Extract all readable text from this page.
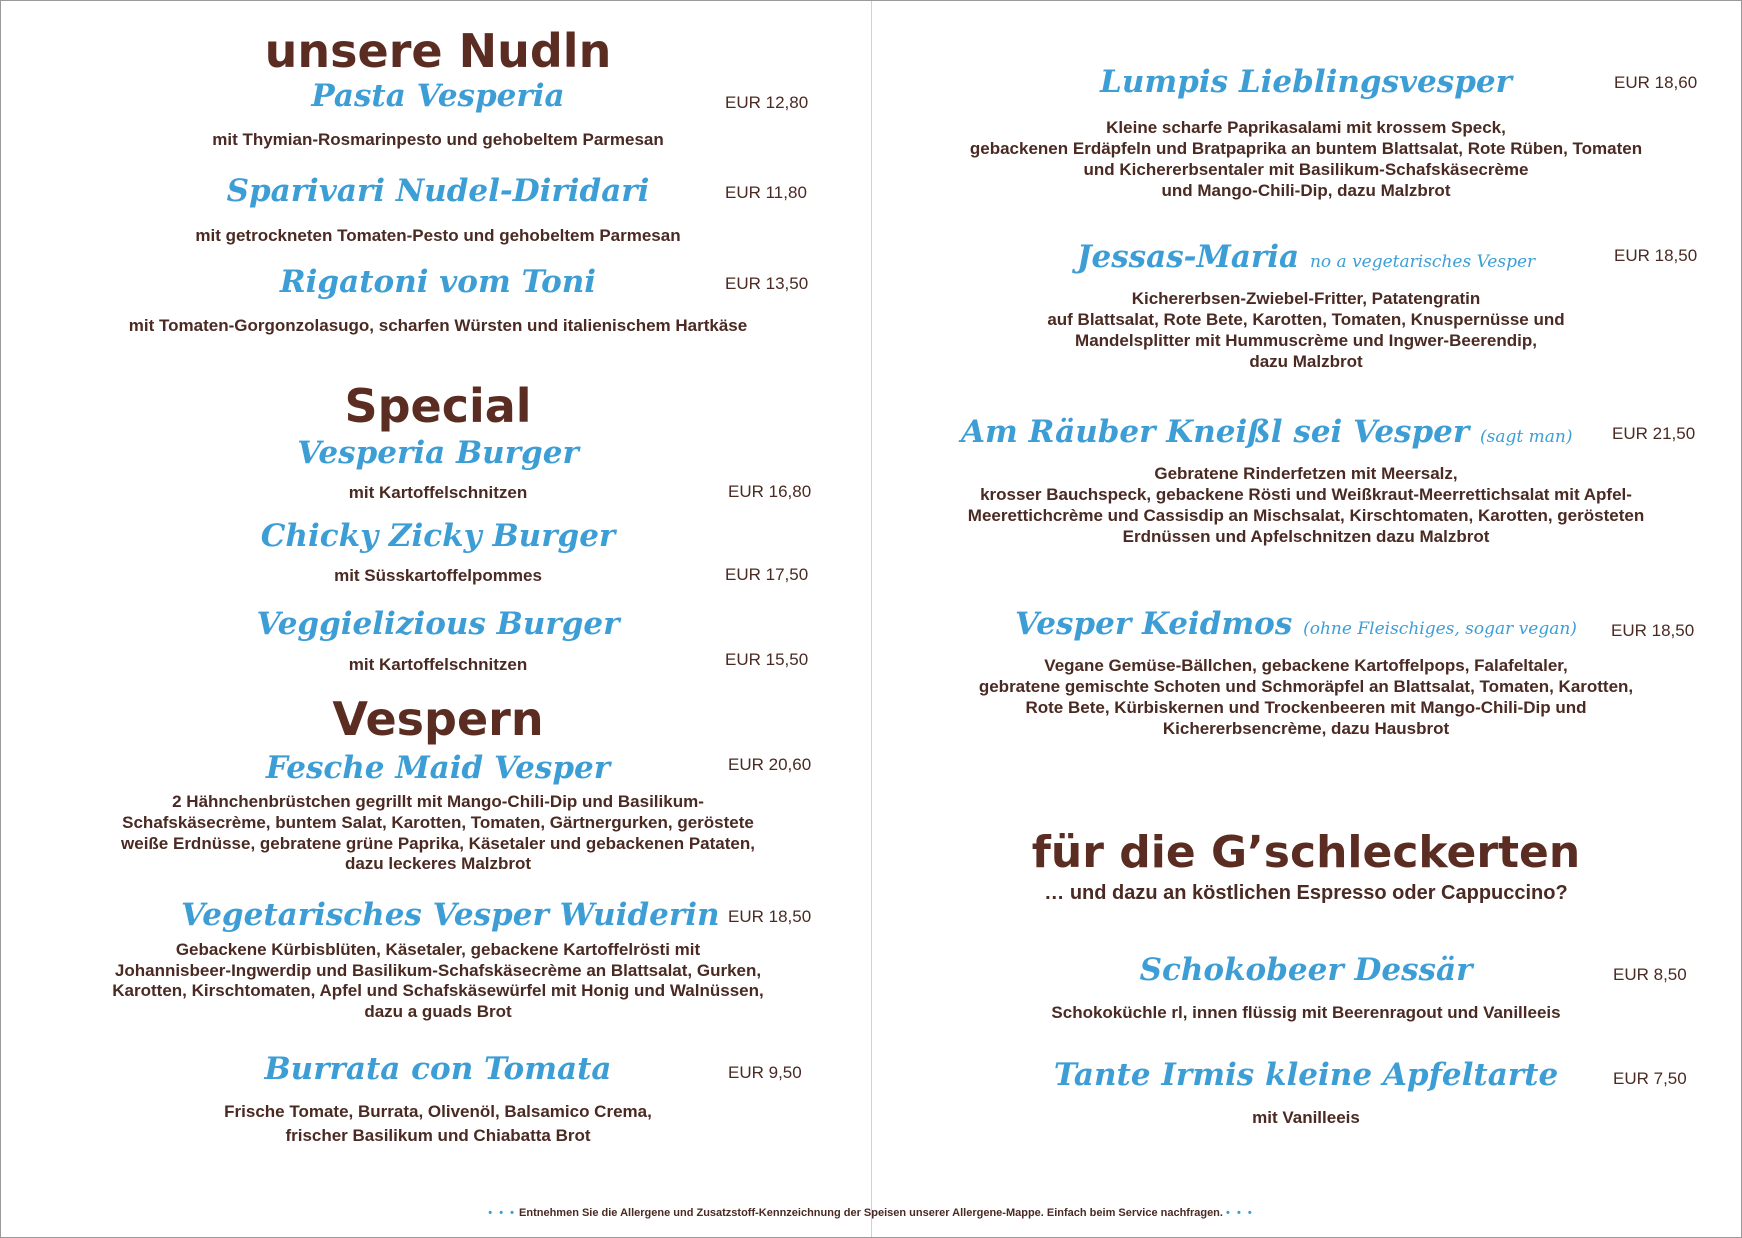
unsere Nudln
Pasta Vesperia	EUR 12,80
mit Thymian-Rosmarinpesto und gehobeltem Parmesan
Sparivari Nudel-Diridari	EUR 11,80
mit getrockneten Tomaten-Pesto und gehobeltem Parmesan
Rigatoni vom Toni	EUR 13,50
mit Tomaten-Gorgonzolasugo, scharfen Würsten und italienischem Hartkäse
Special
Vesperia Burger
mit Kartoffelschnitzen	EUR 16,80
Chicky Zicky Burger
mit Süsskartoffelpommes	EUR 17,50
Veggielizious Burger
mit Kartoffelschnitzen	EUR 15,50
Vespern
Fesche Maid Vesper	EUR 20,60
2 Hähnchenbrüstchen gegrillt mit Mango-Chili-Dip und Basilikum-
Schafskäsecrème, buntem Salat, Karotten, Tomaten, Gärtnergurken, geröstete
weiße Erdnüsse, gebratene grüne Paprika, Käsetaler und gebackenen Pataten,
dazu leckeres Malzbrot
Vegetarisches Vesper Wuiderin EUR 18,50
Gebackene Kürbisblüten, Käsetaler, gebackene Kartoffelrösti mit
Johannisbeer-Ingwerdip und Basilikum-Schafskäsecrème an Blattsalat, Gurken,
Karotten, Kirschtomaten, Apfel und Schafskäsewürfel mit Honig und Walnüssen,
dazu a guads Brot
Burrata con Tomata	EUR 9,50
Frische Tomate, Burrata, Olivenöl, Balsamico Crema,
frischer Basilikum und Chiabatta Brot
Lumpis Lieblingsvesper	EUR 18,60
Kleine scharfe Paprikasalami mit krossem Speck,
gebackenen Erdäpfeln und Bratpaprika an buntem Blattsalat, Rote Rüben, Tomaten
und Kichererbsentaler mit Basilikum-Schafskäsecrème
und Mango-Chili-Dip, dazu Malzbrot
Jessas-Maria no a vegetarisches Vesper	EUR 18,50
Kichererbsen-Zwiebel-Fritter, Patatengratin
auf Blattsalat, Rote Bete, Karotten, Tomaten, Knuspernüsse und
Mandelsplitter mit Hummuscrème und Ingwer-Beerendip,
dazu Malzbrot
Am Räuber Kneißl sei Vesper (sagt man) EUR 21,50
Gebratene Rinderfetzen mit Meersalz,
krosser Bauchspeck, gebackene Rösti und Weißkraut-Meerrettichsalat mit Apfel-
Meerettichcrème und Cassisdip an Mischsalat, Kirschtomaten, Karotten, gerösteten
Erdnüssen und Apfelschnitzen dazu Malzbrot
Vesper Keidmos (ohne Fleischiges, sogar vegan)	EUR 18,50
Vegane Gemüse-Bällchen, gebackene Kartoffelpops, Falafeltaler,
gebratene gemischte Schoten und Schmoräpfel an Blattsalat, Tomaten, Karotten,
Rote Bete, Kürbiskernen und Trockenbeeren mit Mango-Chili-Dip und
Kichererbsencrème, dazu Hausbrot
für die G’schleckerten
… und dazu an köstlichen Espresso oder Cappuccino?
Schokobeer Dessär	EUR 8,50
Schokoküchle rl, innen flüssig mit Beerenragout und Vanilleeis
Tante Irmis kleine Apfeltarte	EUR 7,50
mit Vanilleeis
• • • Entnehmen Sie die Allergene und Zusatzstoff-Kennzeichnung der Speisen unserer Allergene-Mappe. Einfach beim Service nachfragen. • • •
